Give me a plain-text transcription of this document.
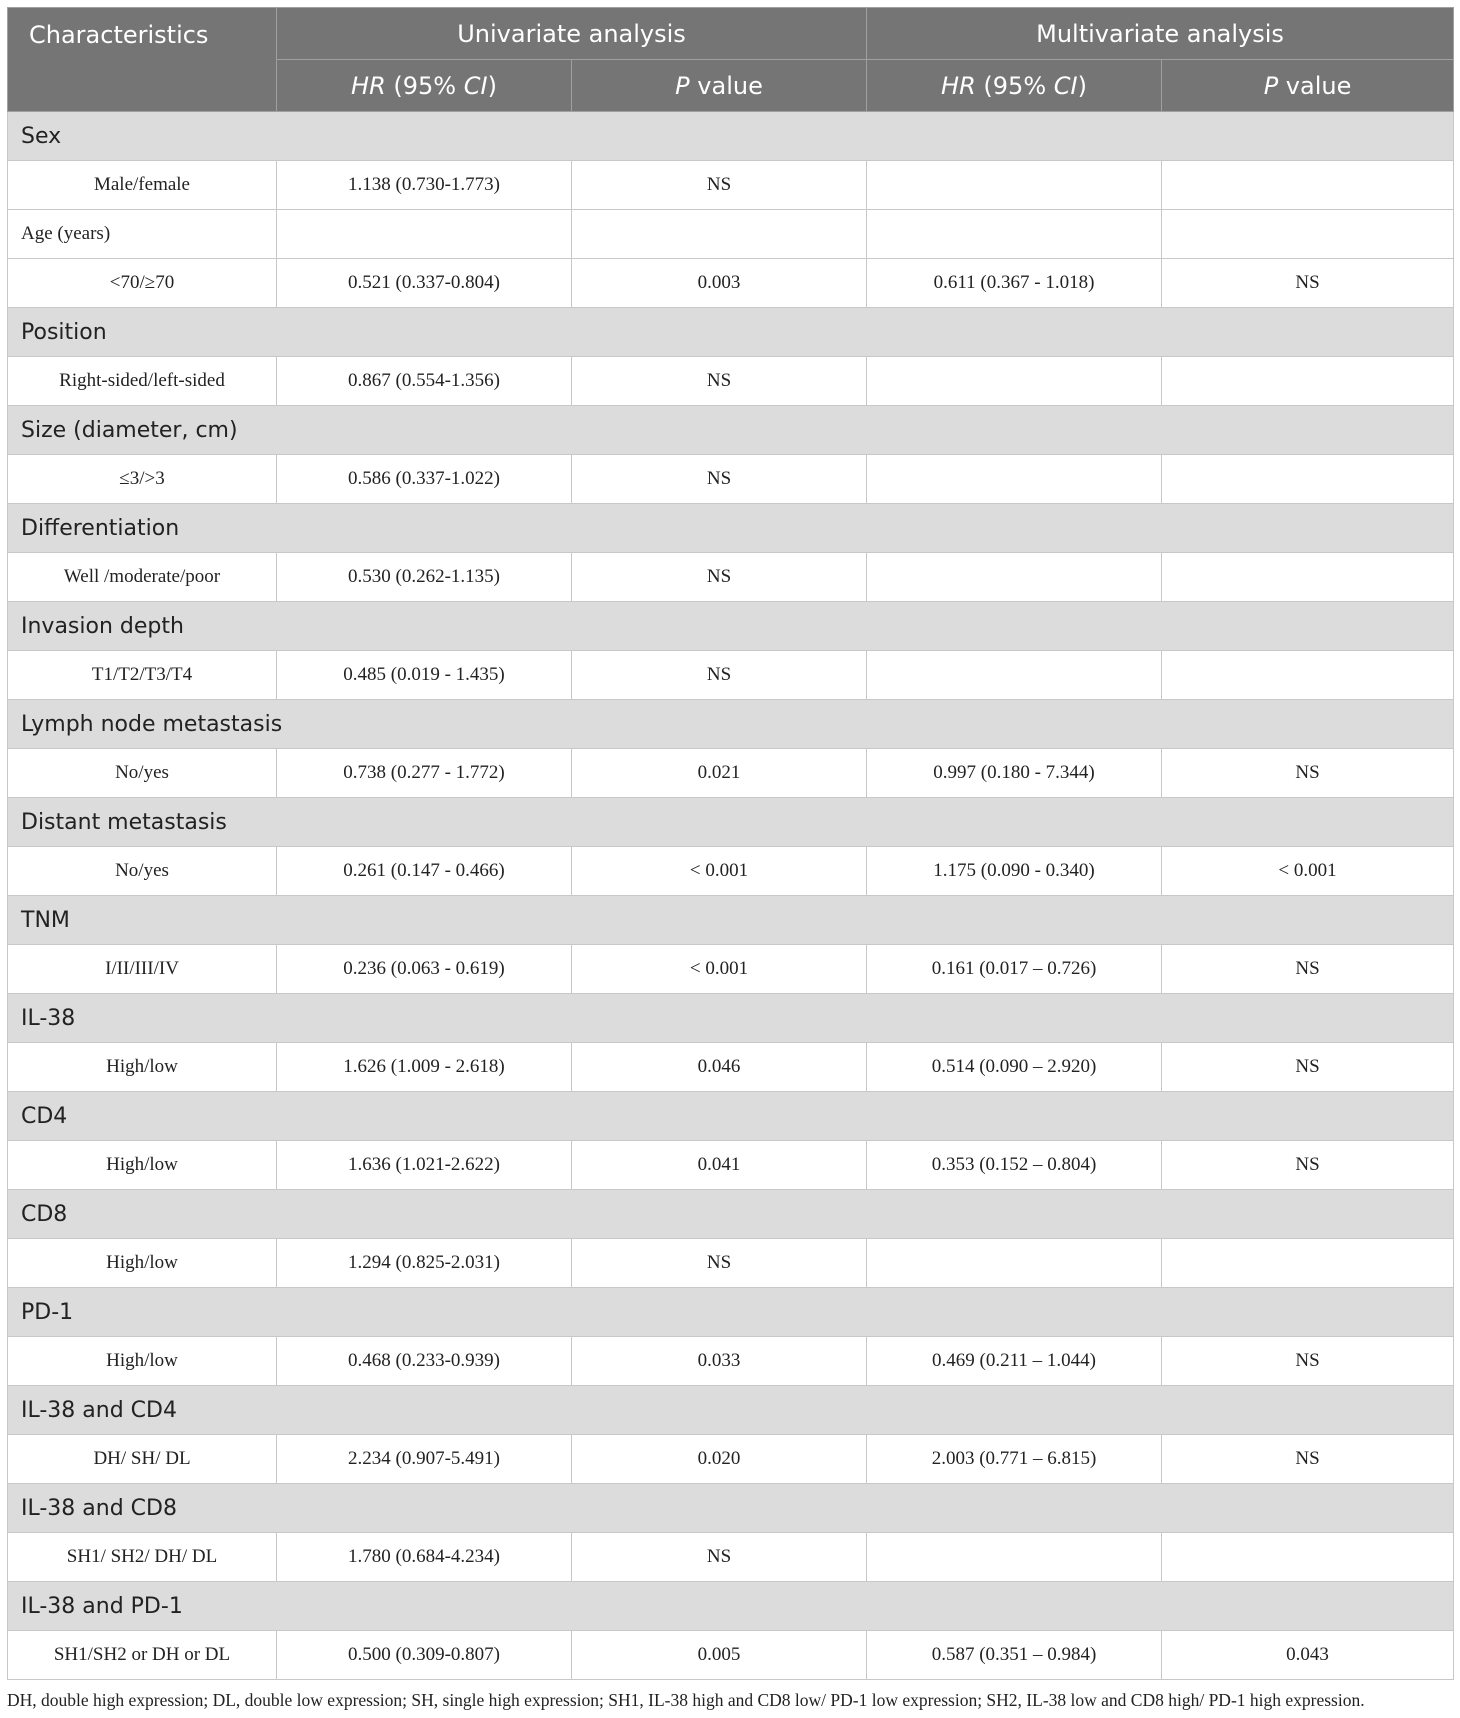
Characteristics	Univariate analysis		Multivariate analysis	
	HR (95% CI)	P value	HR (95% CI)	P value
Sex				
Male/female	1.138 (0.730-1.773)	NS		
Age (years)				
<70/≥70	0.521 (0.337-0.804)	0.003	0.611 (0.367 - 1.018)	NS
Position				
Right-sided/left-sided	0.867 (0.554-1.356)	NS		
Size (diameter, cm)				
≤3/>3	0.586 (0.337-1.022)	NS		
Differentiation				
Well /moderate/poor	0.530 (0.262-1.135)	NS		
Invasion depth				
T1/T2/T3/T4	0.485 (0.019 - 1.435)	NS		
Lymph node metastasis				
No/yes	0.738 (0.277 - 1.772)	0.021	0.997 (0.180 - 7.344)	NS
Distant metastasis				
No/yes	0.261 (0.147 - 0.466)	< 0.001	1.175 (0.090 - 0.340)	< 0.001
TNM				
I/II/III/IV	0.236 (0.063 - 0.619)	< 0.001	0.161 (0.017 – 0.726)	NS
IL-38				
High/low	1.626 (1.009 - 2.618)	0.046	0.514 (0.090 – 2.920)	NS
CD4				
High/low	1.636 (1.021-2.622)	0.041	0.353 (0.152 – 0.804)	NS
CD8				
High/low	1.294 (0.825-2.031)	NS		
PD-1				
High/low	0.468 (0.233-0.939)	0.033	0.469 (0.211 – 1.044)	NS
IL-38 and CD4				
DH/ SH/ DL	2.234 (0.907-5.491)	0.020	2.003 (0.771 – 6.815)	NS
IL-38 and CD8				
SH1/ SH2/ DH/ DL	1.780 (0.684-4.234)	NS		
IL-38 and PD-1				
SH1/SH2 or DH or DL	0.500 (0.309-0.807)	0.005	0.587 (0.351 – 0.984)	0.043
DH, double high expression; DL, double low expression; SH, single high expression; SH1, IL-38 high and CD8 low/ PD-1 low expression; SH2, IL-38 low and CD8 high/ PD-1 high expression.
